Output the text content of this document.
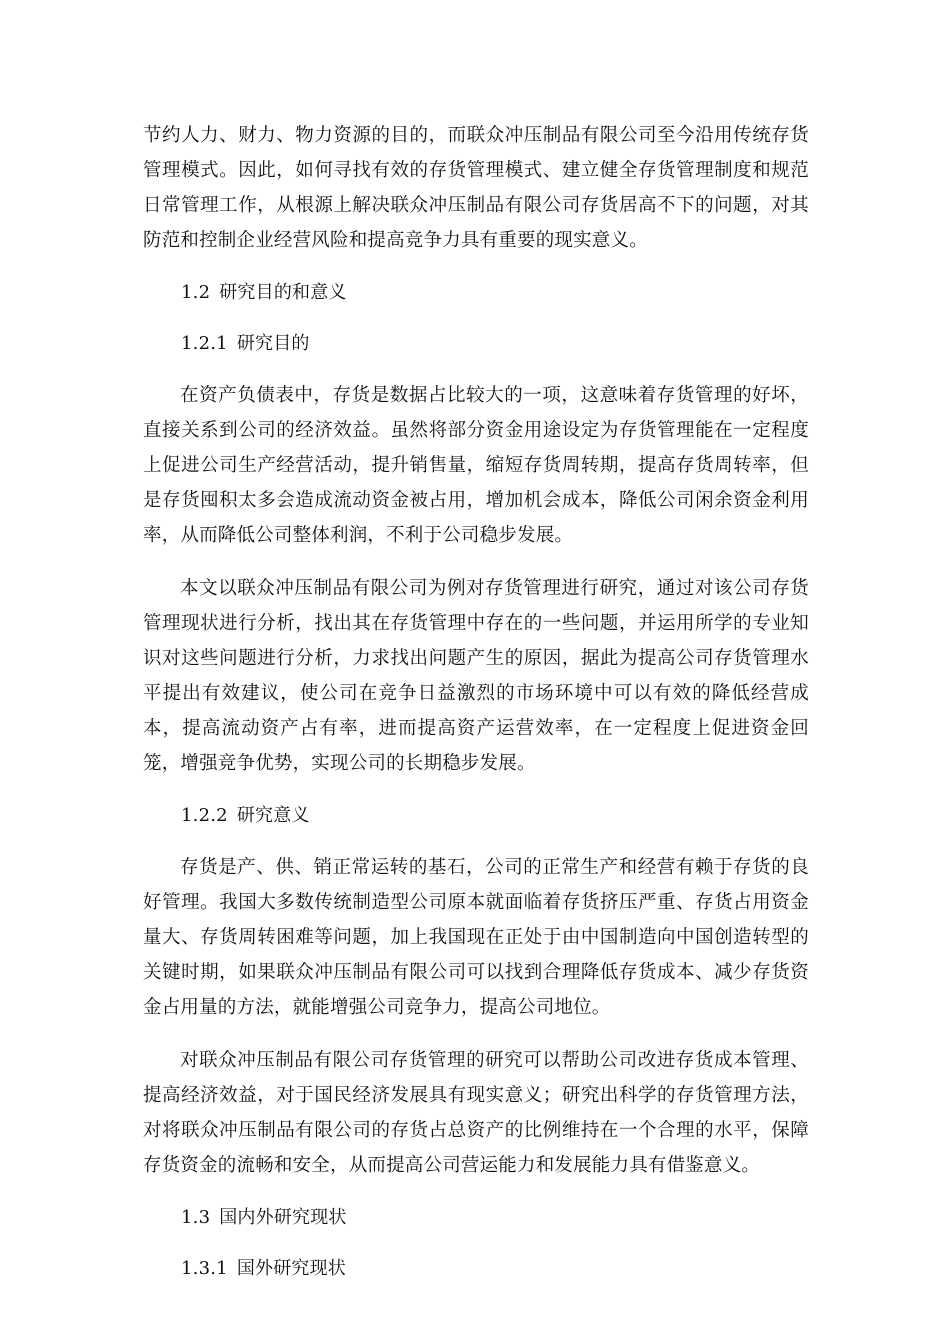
节约人力、财力、物力资源的目的，而联众冲压制品有限公司至今沿用传统存货管理模式。因此，如何寻找有效的存货管理模式、建立健全存货管理制度和规范日常管理工作，从根源上解决联众冲压制品有限公司存货居高不下的问题，对其防范和控制企业经营风险和提高竞争力具有重要的现实意义。

1.2 研究目的和意义
1.2.1 研究目的

在资产负债表中，存货是数据占比较大的一项，这意味着存货管理的好坏，直接关系到公司的经济效益。虽然将部分资金用途设定为存货管理能在一定程度上促进公司生产经营活动，提升销售量，缩短存货周转期，提高存货周转率，但是存货囤积太多会造成流动资金被占用，增加机会成本，降低公司闲余资金利用率，从而降低公司整体利润，不利于公司稳步发展。

本文以联众冲压制品有限公司为例对存货管理进行研究，通过对该公司存货管理现状进行分析，找出其在存货管理中存在的一些问题，并运用所学的专业知识对这些问题进行分析，力求找出问题产生的原因，据此为提高公司存货管理水平提出有效建议，使公司在竞争日益激烈的市场环境中可以有效的降低经营成本，提高流动资产占有率，进而提高资产运营效率，在一定程度上促进资金回笼，增强竞争优势，实现公司的长期稳步发展。

1.2.2 研究意义

存货是产、供、销正常运转的基石，公司的正常生产和经营有赖于存货的良好管理。我国大多数传统制造型公司原本就面临着存货挤压严重、存货占用资金量大、存货周转困难等问题，加上我国现在正处于由中国制造向中国创造转型的关键时期，如果联众冲压制品有限公司可以找到合理降低存货成本、减少存货资金占用量的方法，就能增强公司竞争力，提高公司地位。

对联众冲压制品有限公司存货管理的研究可以帮助公司改进存货成本管理、提高经济效益，对于国民经济发展具有现实意义；研究出科学的存货管理方法，对将联众冲压制品有限公司的存货占总资产的比例维持在一个合理的水平，保障存货资金的流畅和安全，从而提高公司营运能力和发展能力具有借鉴意义。

1.3 国内外研究现状
1.3.1 国外研究现状
